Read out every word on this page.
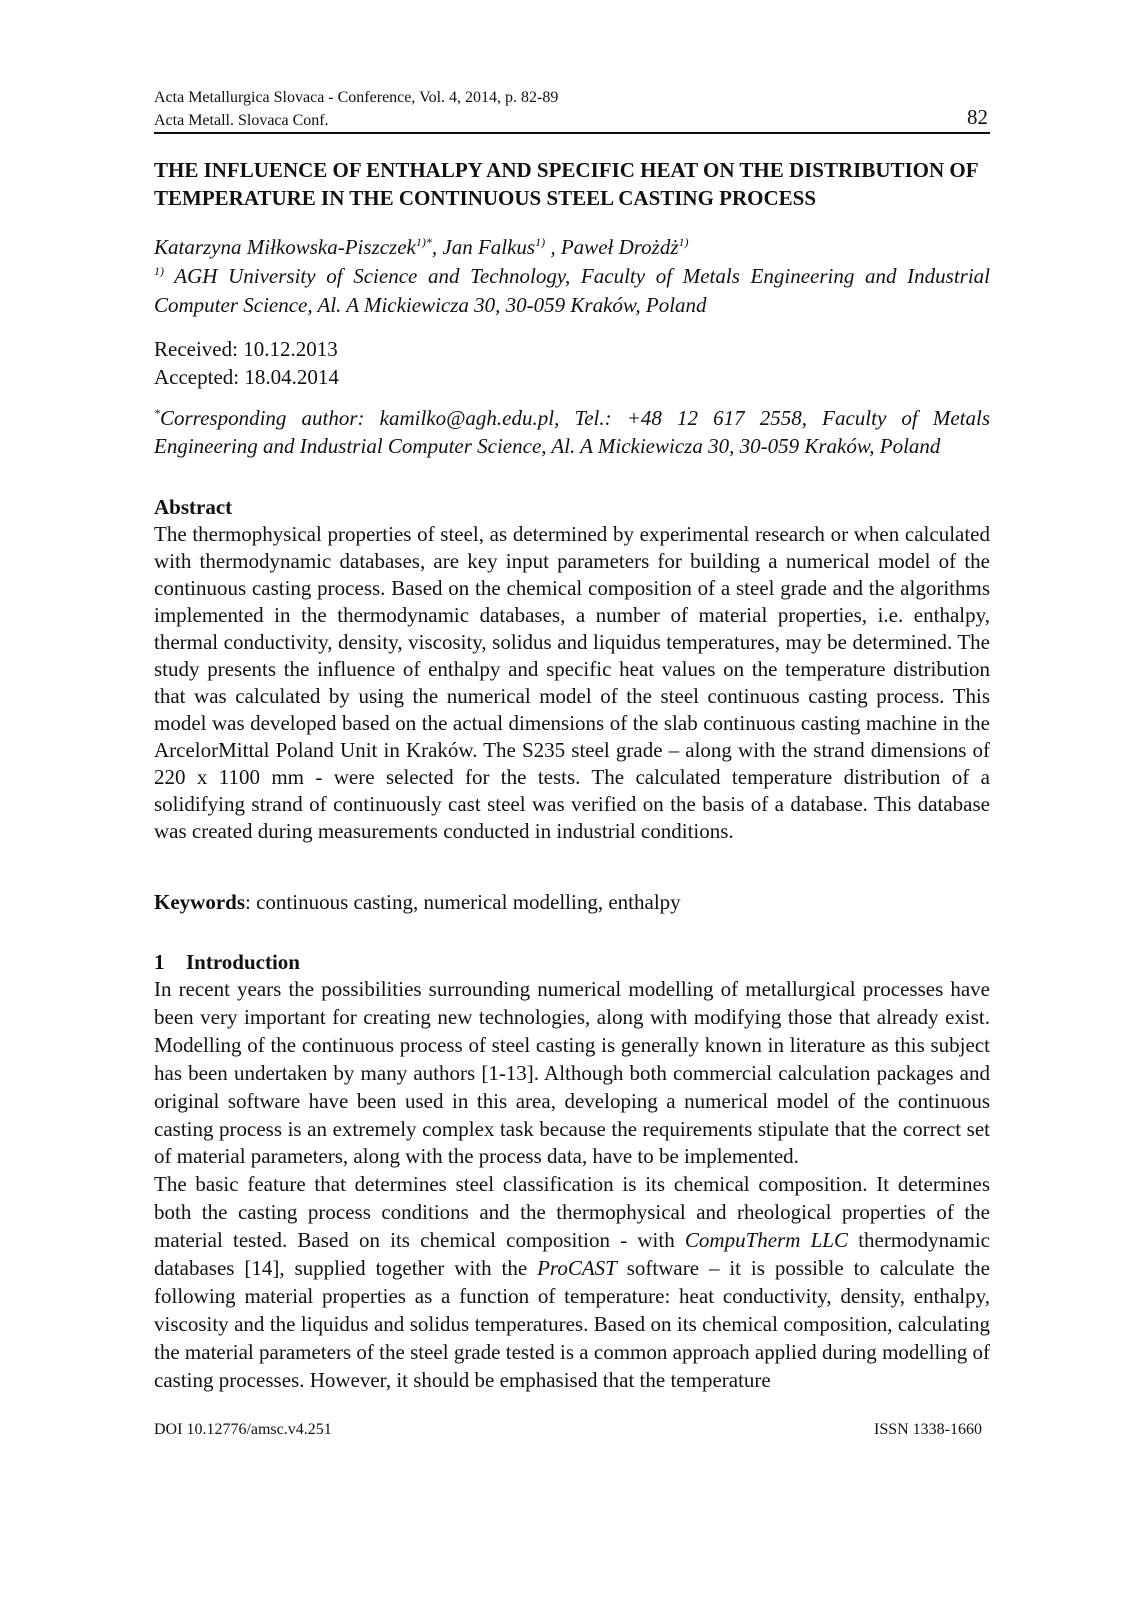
Acta Metallurgica Slovaca - Conference, Vol. 4, 2014, p. 82-89
Acta Metall. Slovaca Conf.	82
THE INFLUENCE OF ENTHALPY AND SPECIFIC HEAT ON THE DISTRIBUTION OF TEMPERATURE IN THE CONTINUOUS STEEL CASTING PROCESS
Katarzyna Miłkowska-Piszczek$^{1)*}$, Jan Falkus$^{1)}$ , Paweł Drożdż$^{1)}$
$^{1)}$ AGH University of Science and Technology, Faculty of Metals Engineering and Industrial Computer Science, Al. A Mickiewicza 30, 30-059 Kraków, Poland
Received: 10.12.2013
Accepted: 18.04.2014
*Corresponding author: kamilko@agh.edu.pl, Tel.: +48 12 617 2558, Faculty of Metals Engineering and Industrial Computer Science, Al. A Mickiewicza 30, 30-059 Kraków, Poland
Abstract

The thermophysical properties of steel, as determined by experimental research or when calculated with thermodynamic databases, are key input parameters for building a numerical model of the continuous casting process. Based on the chemical composition of a steel grade and the algorithms implemented in the thermodynamic databases, a number of material properties, i.e. enthalpy, thermal conductivity, density, viscosity, solidus and liquidus temperatures, may be determined. The study presents the influence of enthalpy and specific heat values on the temperature distribution that was calculated by using the numerical model of the steel continuous casting process. This model was developed based on the actual dimensions of the slab continuous casting machine in the ArcelorMittal Poland Unit in Kraków. The S235 steel grade – along with the strand dimensions of 220 x 1100 mm - were selected for the tests. The calculated temperature distribution of a solidifying strand of continuously cast steel was verified on the basis of a database. This database was created during measurements conducted in industrial conditions.

Keywords: continuous casting, numerical modelling, enthalpy
1 Introduction

In recent years the possibilities surrounding numerical modelling of metallurgical processes have been very important for creating new technologies, along with modifying those that already exist. Modelling of the continuous process of steel casting is generally known in literature as this subject has been undertaken by many authors [1-13]. Although both commercial calculation packages and original software have been used in this area, developing a numerical model of the continuous casting process is an extremely complex task because the requirements stipulate that the correct set of material parameters, along with the process data, have to be implemented.

The basic feature that determines steel classification is its chemical composition. It determines both the casting process conditions and the thermophysical and rheological properties of the material tested. Based on its chemical composition - with CompuTherm LLC thermodynamic databases [14], supplied together with the ProCAST software – it is possible to calculate the following material properties as a function of temperature: heat conductivity, density, enthalpy, viscosity and the liquidus and solidus temperatures. Based on its chemical composition, calculating the material parameters of the steel grade tested is a common approach applied during modelling of casting processes. However, it should be emphasised that the temperature

DOI 10.12776/amsc.v4.251	ISSN 1338-1660
